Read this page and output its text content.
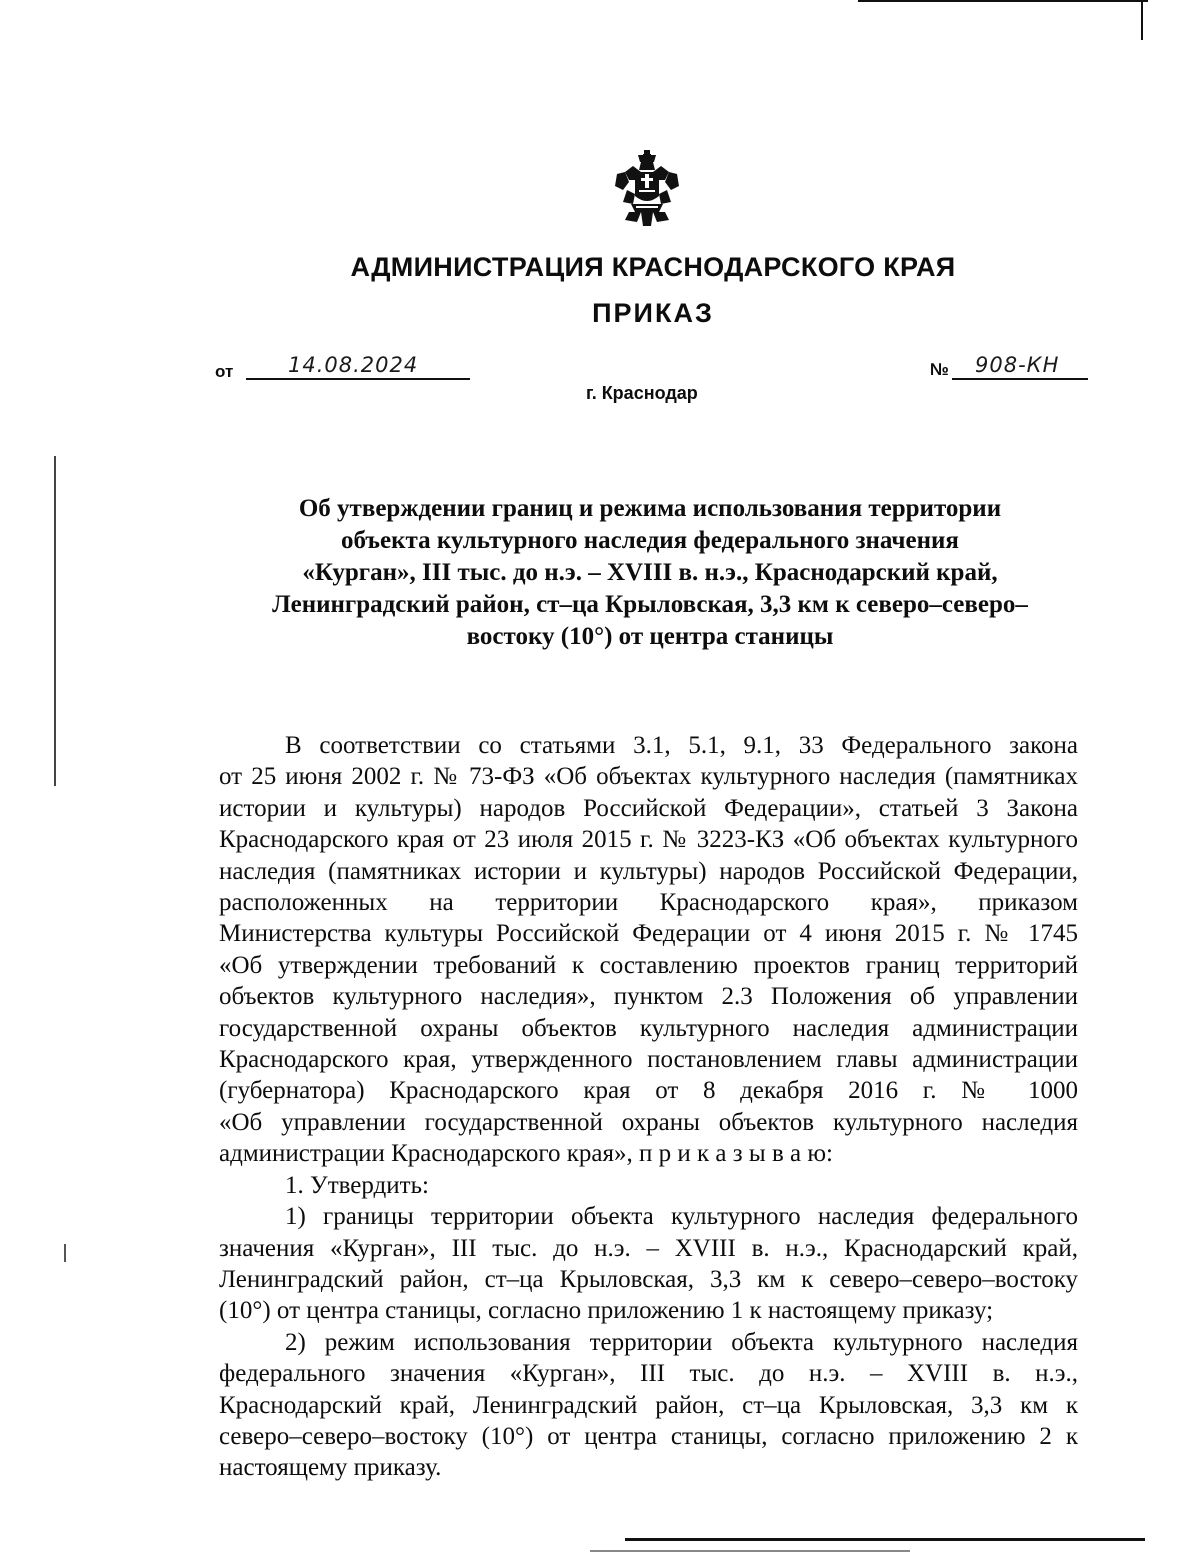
АДМИНИСТРАЦИЯ КРАСНОДАРСКОГО КРАЯ
ПРИКАЗ
от	14.08.2024	№ 908-КН
г. Краснодар
Об утверждении границ и режима использования территории
объекта культурного наследия федерального значения
«Курган», III тыс. до н.э. – XVIII в. н.э., Краснодарский край,
Ленинградский район, ст–ца Крыловская, 3,3 км к северо–северо–
востоку (10°) от центра станицы

В соответствии со статьями 3.1, 5.1, 9.1, 33 Федерального закона
от 25 июня 2002 г. № 73-ФЗ «Об объектах культурного наследия (памятниках
истории и культуры) народов Российской Федерации», статьей 3 Закона
Краснодарского края от 23 июля 2015 г. № 3223-КЗ «Об объектах культурного
наследия (памятниках истории и культуры) народов Российской Федерации,
расположенных на территории Краснодарского края», приказом
Министерства культуры Российской Федерации от 4 июня 2015 г. № 1745
«Об утверждении требований к составлению проектов границ территорий
объектов культурного наследия», пунктом 2.3 Положения об управлении
государственной охраны объектов культурного наследия администрации
Краснодарского края, утвержденного постановлением главы администрации
(губернатора) Краснодарского края от 8 декабря 2016 г. № 1000
«Об управлении государственной охраны объектов культурного наследия
администрации Краснодарского края», п р и к а з ы в а ю:

1. Утвердить:

1) границы территории объекта культурного наследия федерального
значения «Курган», III тыс. до н.э. – XVIII в. н.э., Краснодарский край,
Ленинградский район, ст–ца Крыловская, 3,3 км к северо–северо–востоку
(10°) от центра станицы, согласно приложению 1 к настоящему приказу;

2) режим использования территории объекта культурного наследия
федерального значения «Курган», III тыс. до н.э. – XVIII в. н.э.,
Краснодарский край, Ленинградский район, ст–ца Крыловская, 3,3 км к
северо–северо–востоку (10°) от центра станицы, согласно приложению 2 к
настоящему приказу.
